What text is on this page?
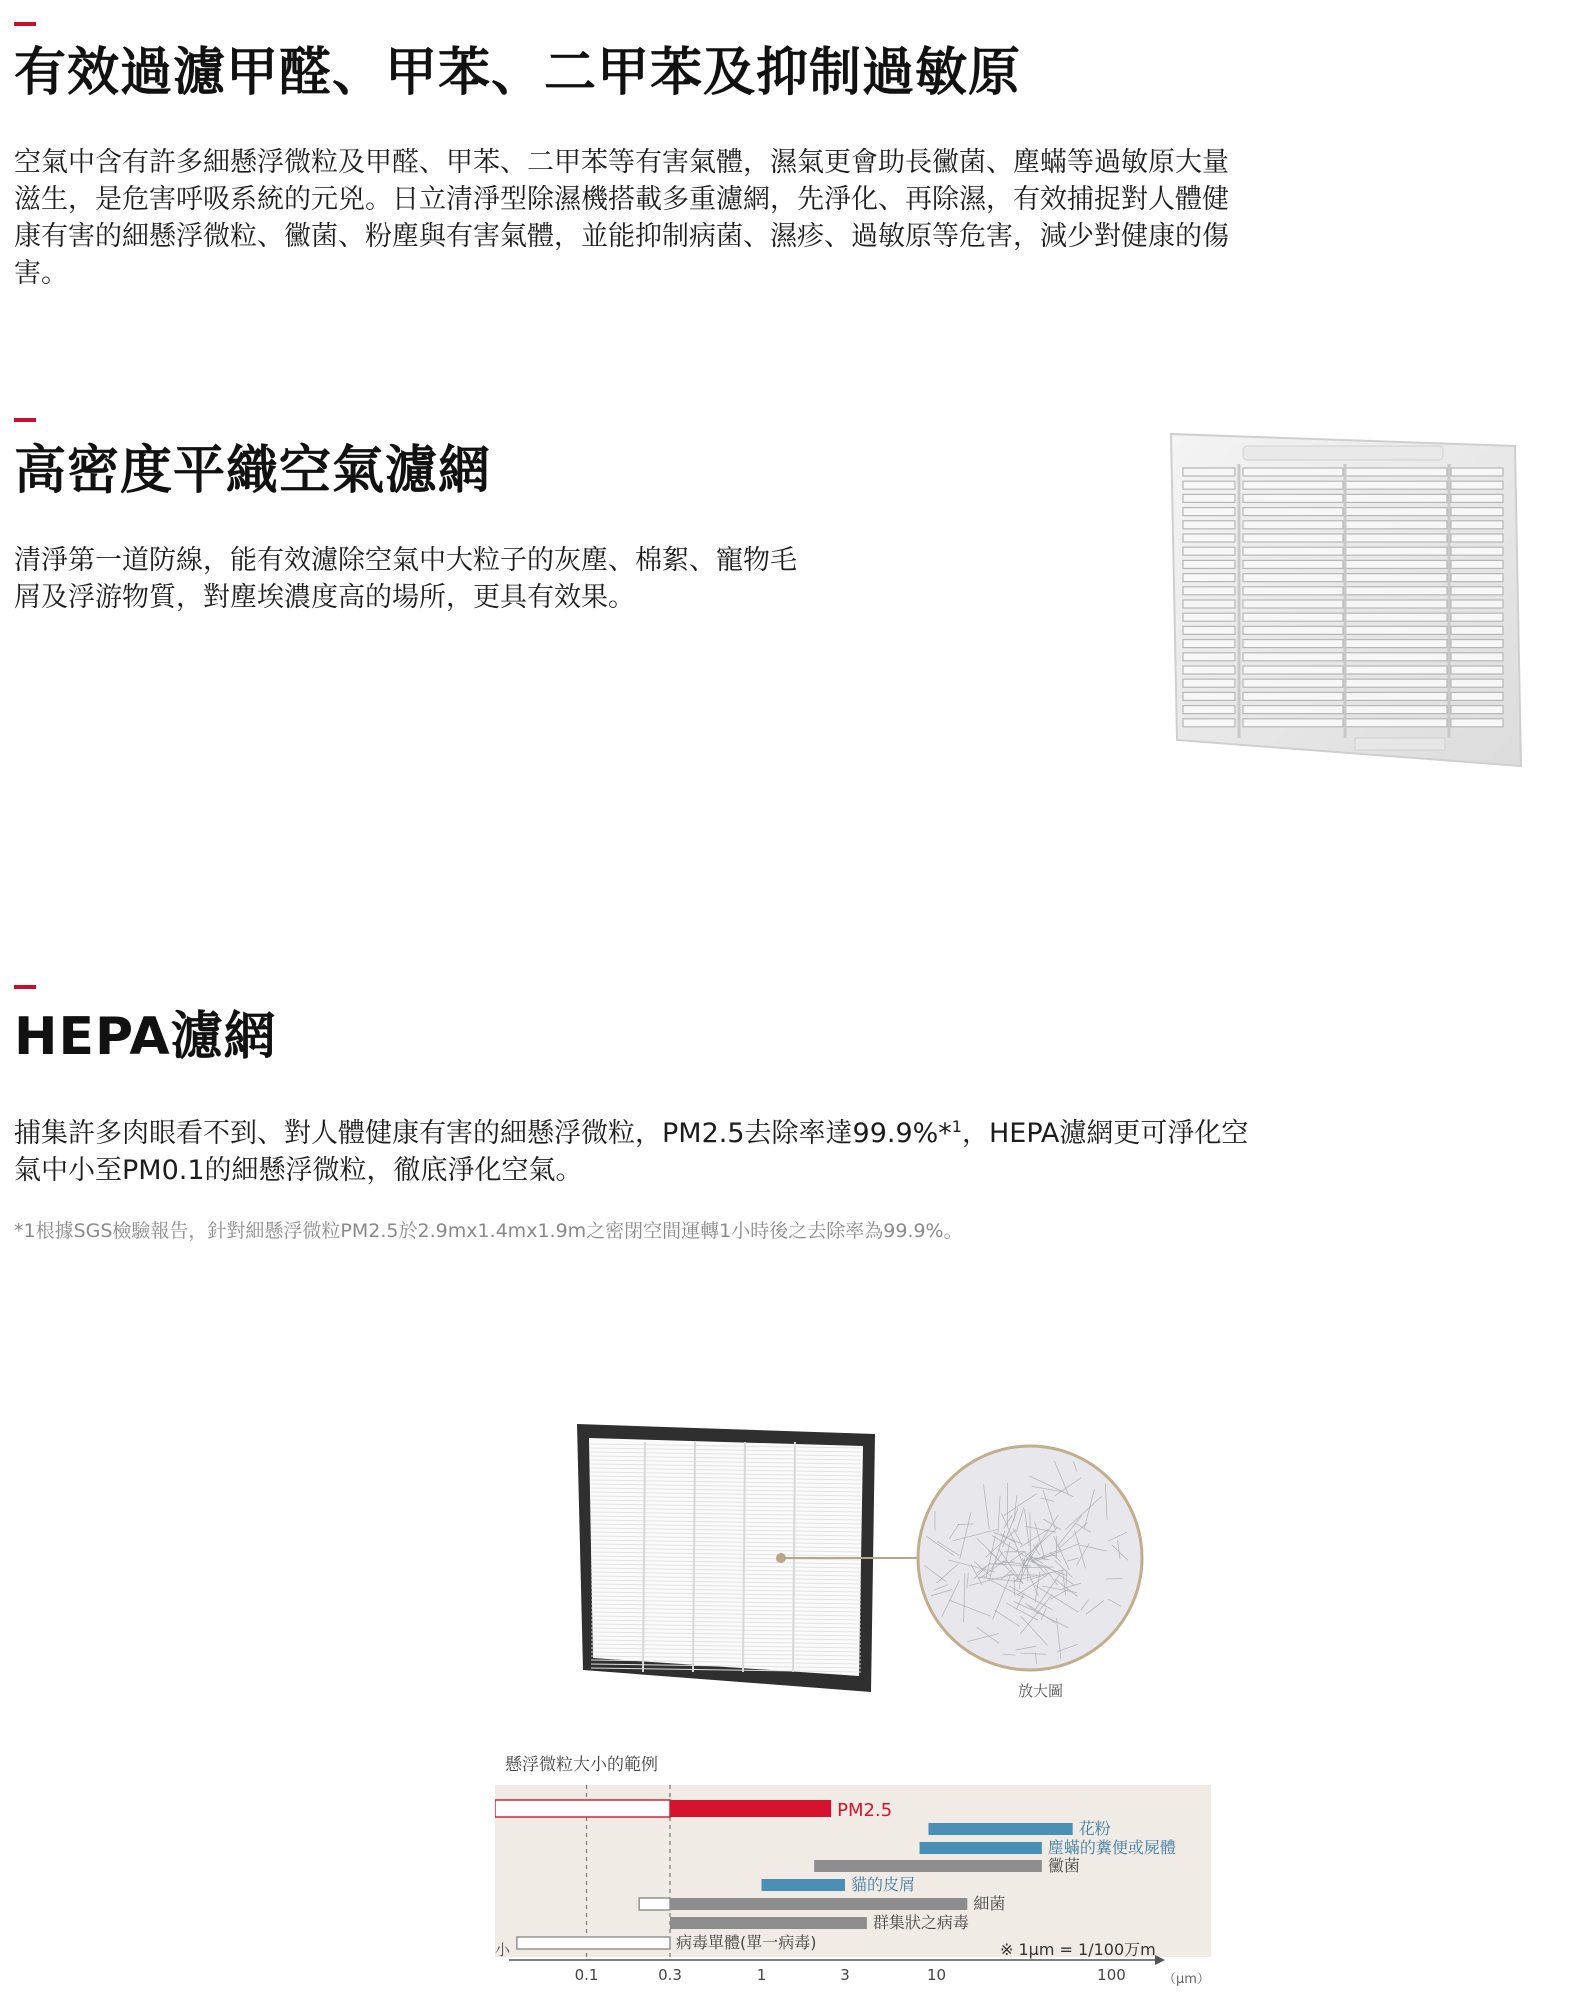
有效過濾甲醛、甲苯、二甲苯及抑制過敏原
空氣中含有許多細懸浮微粒及甲醛、甲苯、二甲苯等有害氣體，濕氣更會助長黴菌、塵蟎等過敏原大量
滋生，是危害呼吸系統的元兇。日立清淨型除濕機搭載多重濾網，先淨化、再除濕，有效捕捉對人體健
康有害的細懸浮微粒、黴菌、粉塵與有害氣體，並能抑制病菌、濕疹、過敏原等危害，減少對健康的傷
害。
高密度平織空氣濾網
清淨第一道防線，能有效濾除空氣中大粒子的灰塵、棉絮、寵物毛
屑及浮游物質，對塵埃濃度高的場所，更具有效果。
HEPA濾網
捕集許多肉眼看不到、對人體健康有害的細懸浮微粒，PM2.5去除率達99.9%*$^1$，HEPA濾網更可淨化空
氣中小至PM0.1的細懸浮微粒，徹底淨化空氣。

*1根據SGS檢驗報告，針對細懸浮微粒PM2.5於2.9mx1.4mx1.9m之密閉空間運轉1小時後之去除率為99.9%。

放大圖
懸浮微粒大小的範例
PM2.5
花粉
塵蟎的糞便或屍體
黴菌
貓的皮屑
細菌
群集狀之病毒
病毒單體(單一病毒)
小
0.1	0.3	1	3	10	100	（μm）
※ 1μm = 1/100万m
